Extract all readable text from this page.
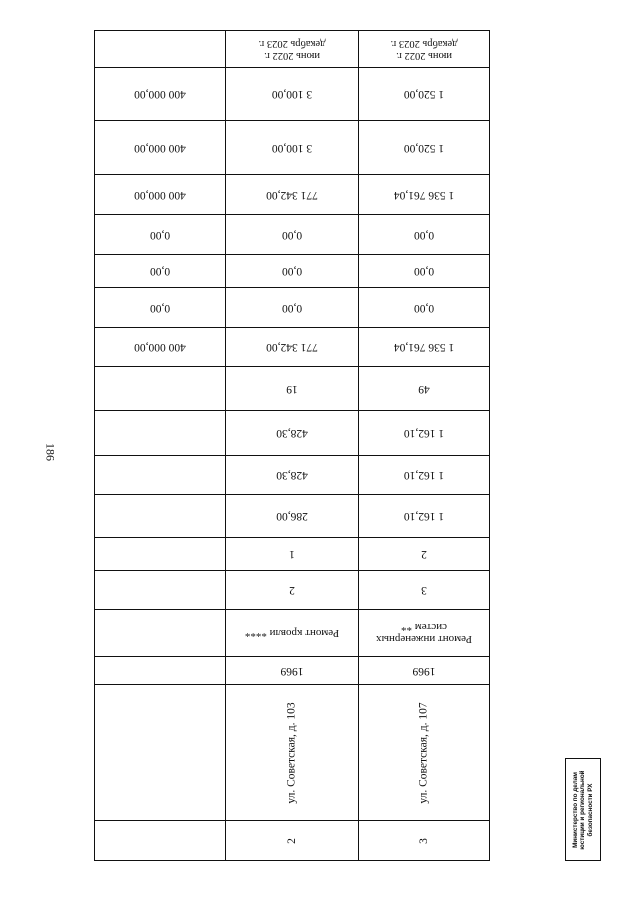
186
Министерство по делам юстиции и региональной безопасности РХ
400 000,00
400 000,00
400 000,00
0,00
0,00
0,00
400 000,00
июнь 2022 г.
декабрь 2023 г.
3 100,00
3 100,00
771 342,00
0,00
0,00
0,00
771 342,00
19
428,30
428,30
286,00
1
2
Ремонт кровли ****
1969
ул. Советская, д. 103
2
июнь 2022 г.
декабрь 2023 г.
1 520,00
1 520,00
1 536 761,04
0,00
0,00
0,00
1 536 761,04
49
1 162,10
1 162,10
1 162,10
2
3
Ремонт инженерных
систем **
1969
ул. Советская, д. 107
3
